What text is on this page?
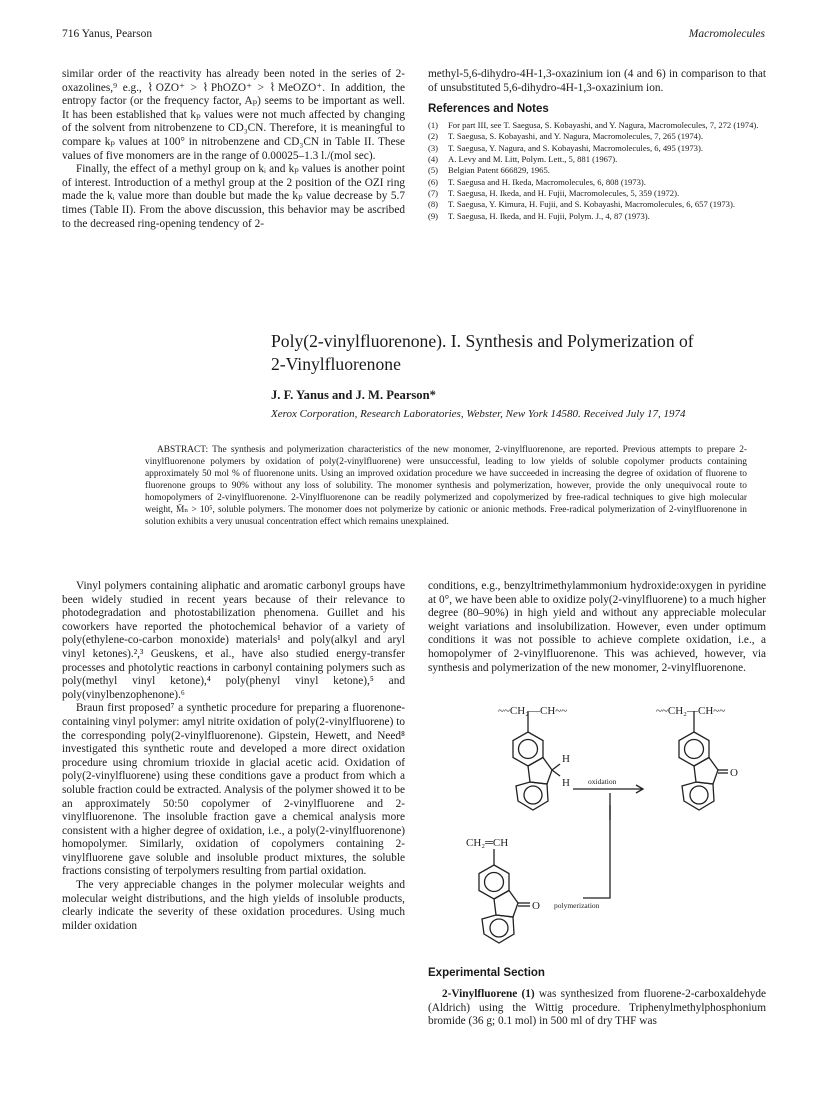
716 Yanus, Pearson	Macromolecules

similar order of the reactivity has already been noted in the series of 2-oxazolines,⁹ e.g., ⌇OZO⁺ > ⌇PhOZO⁺ > ⌇MeOZO⁺. In addition, the entropy factor (or the frequency factor, Aₚ) seems to be important as well. It has been established that kₚ values were not much affected by changing of the solvent from nitrobenzene to CD₃CN. Therefore, it is meaningful to compare kₚ values at 100° in nitrobenzene and CD₃CN in Table II. These values of five monomers are in the range of 0.00025–1.3 l./(mol sec).

Finally, the effect of a methyl group on kᵢ and kₚ values is another point of interest. Introduction of a methyl group at the 2 position of the OZI ring made the kᵢ value more than double but made the kₚ value decrease by 5.7 times (Table II). From the above discussion, this behavior may be ascribed to the decreased ring-opening tendency of 2-

methyl-5,6-dihydro-4H-1,3-oxazinium ion (4 and 6) in comparison to that of unsubstituted 5,6-dihydro-4H-1,3-oxazinium ion.
References and Notes
(1)	For part III, see T. Saegusa, S. Kobayashi, and Y. Nagura, Macromolecules, 7, 272 (1974).
(2)	T. Saegusa, S. Kobayashi, and Y. Nagura, Macromolecules, 7, 265 (1974).
(3)	T. Saegusa, Y. Nagura, and S. Kobayashi, Macromolecules, 6, 495 (1973).
(4)	A. Levy and M. Litt, Polym. Lett., 5, 881 (1967).
(5)	Belgian Patent 666829, 1965.
(6)	T. Saegusa and H. Ikeda, Macromolecules, 6, 808 (1973).
(7)	T. Saegusa, H. Ikeda, and H. Fujii, Macromolecules, 5, 359 (1972).
(8)	T. Saegusa, Y. Kimura, H. Fujii, and S. Kobayashi, Macromolecules, 6, 657 (1973).
(9)	T. Saegusa, H. Ikeda, and H. Fujii, Polym. J., 4, 87 (1973).
Poly(2-vinylfluorenone). I. Synthesis and Polymerization of
2-Vinylfluorenone
J. F. Yanus and J. M. Pearson*
Xerox Corporation, Research Laboratories, Webster, New York 14580. Received July 17, 1974
ABSTRACT: The synthesis and polymerization characteristics of the new monomer, 2-vinylfluorenone, are reported. Previous attempts to prepare 2-vinylfluorenone polymers by oxidation of poly(2-vinylfluorene) were unsuccessful, leading to low yields of soluble copolymer products containing approximately 50 mol % of fluorenone units. Using an improved oxidation procedure we have succeeded in increasing the degree of oxidation of fluorene to fluorenone groups to 90% without any loss of solubility. The monomer synthesis and polymerization, however, provide the only unequivocal route to homopolymers of 2-vinylfluorenone. 2-Vinylfluorenone can be readily polymerized and copolymerized by free-radical techniques to give high molecular weight, M̄ₙ > 10⁵, soluble polymers. The monomer does not polymerize by cationic or anionic methods. Free-radical polymerization of 2-vinylfluorenone in solution exhibits a very unusual concentration effect which remains unexplained.

Vinyl polymers containing aliphatic and aromatic carbonyl groups have been widely studied in recent years because of their relevance to photodegradation and photostabilization phenomena. Guillet and his coworkers have reported the photochemical behavior of a variety of poly(ethylene-co-carbon monoxide) materials¹ and poly(alkyl and aryl vinyl ketones).²,³ Geuskens, et al., have also studied energy-transfer processes and photolytic reactions in carbonyl containing polymers such as poly(methyl vinyl ketone),⁴ poly(phenyl vinyl ketone),⁵ and poly(vinylbenzophenone).⁶

Braun first proposed⁷ a synthetic procedure for preparing a fluorenone-containing vinyl polymer: amyl nitrite oxidation of poly(2-vinylfluorene) to the corresponding poly(2-vinylfluorenone). Gipstein, Hewett, and Need⁸ investigated this synthetic route and developed a more direct oxidation procedure using chromium trioxide in glacial acetic acid. Oxidation of poly(2-vinylfluorene) using these conditions gave a product from which a soluble fraction could be extracted. Analysis of the polymer showed it to be an approximately 50:50 copolymer of 2-vinylfluorene and 2-vinylfluorenone. The insoluble fraction gave a chemical analysis more consistent with a higher degree of oxidation, i.e., a poly(2-vinylfluorenone) homopolymer. Similarly, oxidation of copolymers containing 2-vinylfluorene gave soluble and insoluble product mixtures, the soluble fractions consisting of terpolymers resulting from partial oxidation.

The very appreciable changes in the polymer molecular weights and molecular weight distributions, and the high yields of insoluble products, clearly indicate the severity of these oxidation procedures. Using much milder oxidation

conditions, e.g., benzyltrimethylammonium hydroxide:oxygen in pyridine at 0°, we have been able to oxidize poly(2-vinylfluorene) to a much higher degree (80–90%) in high yield and without any appreciable molecular weight variations and insolubilization. However, even under optimum conditions it was not possible to achieve complete oxidation, i.e., a homopolymer of 2-vinylfluorenone. This was achieved, however, via synthesis and polymerization of the new monomer, 2-vinylfluorenone.

~~CH₂—CH~~	~~CH₂—CH~~
H
H
O
CH₂═CH
O
oxidation
polymerization
Experimental Section
2-Vinylfluorene (1) was synthesized from fluorene-2-carboxaldehyde (Aldrich) using the Wittig procedure. Triphenylmethylphosphonium bromide (36 g; 0.1 mol) in 500 ml of dry THF was
